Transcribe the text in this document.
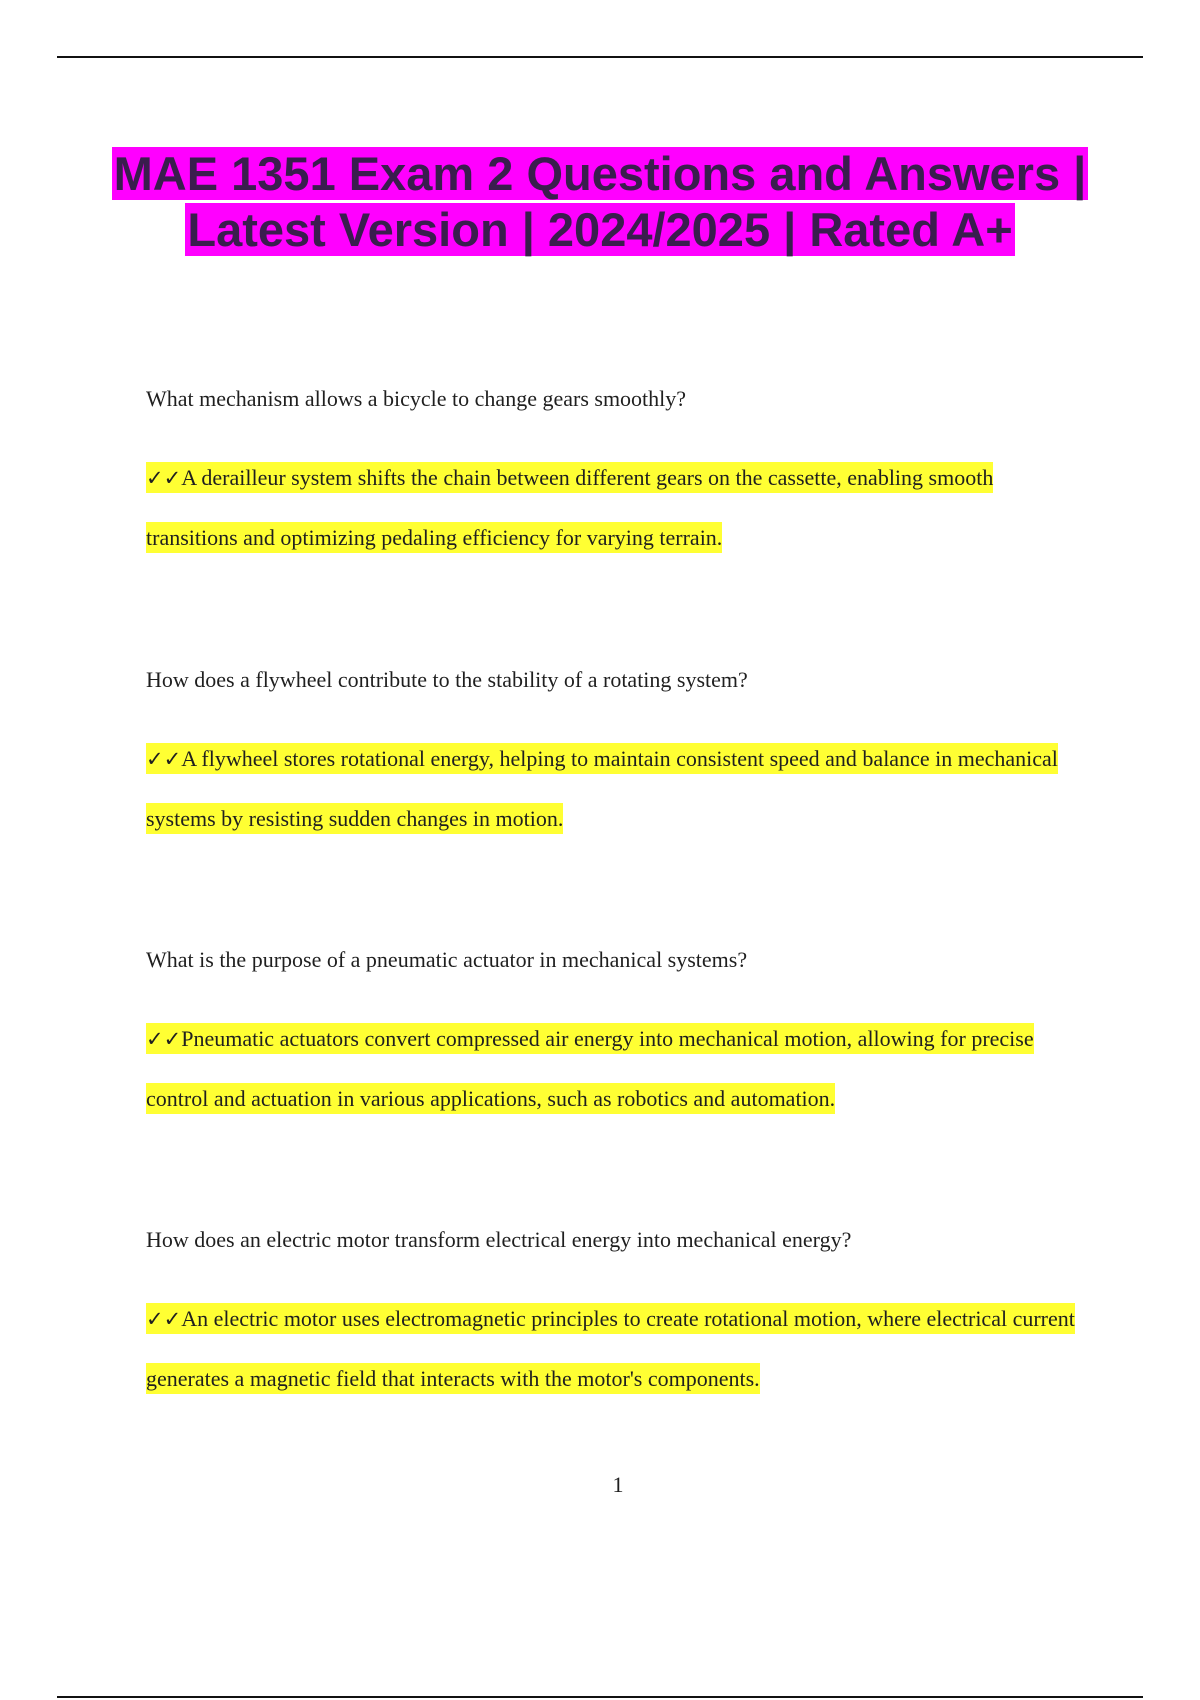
MAE 1351 Exam 2 Questions and Answers | Latest Version | 2024/2025 | Rated A+

What mechanism allows a bicycle to change gears smoothly?

✓✓A derailleur system shifts the chain between different gears on the cassette, enabling smooth transitions and optimizing pedaling efficiency for varying terrain.

How does a flywheel contribute to the stability of a rotating system?

✓✓A flywheel stores rotational energy, helping to maintain consistent speed and balance in mechanical systems by resisting sudden changes in motion.

What is the purpose of a pneumatic actuator in mechanical systems?

✓✓Pneumatic actuators convert compressed air energy into mechanical motion, allowing for precise control and actuation in various applications, such as robotics and automation.

How does an electric motor transform electrical energy into mechanical energy?

✓✓An electric motor uses electromagnetic principles to create rotational motion, where electrical current generates a magnetic field that interacts with the motor's components.

1
